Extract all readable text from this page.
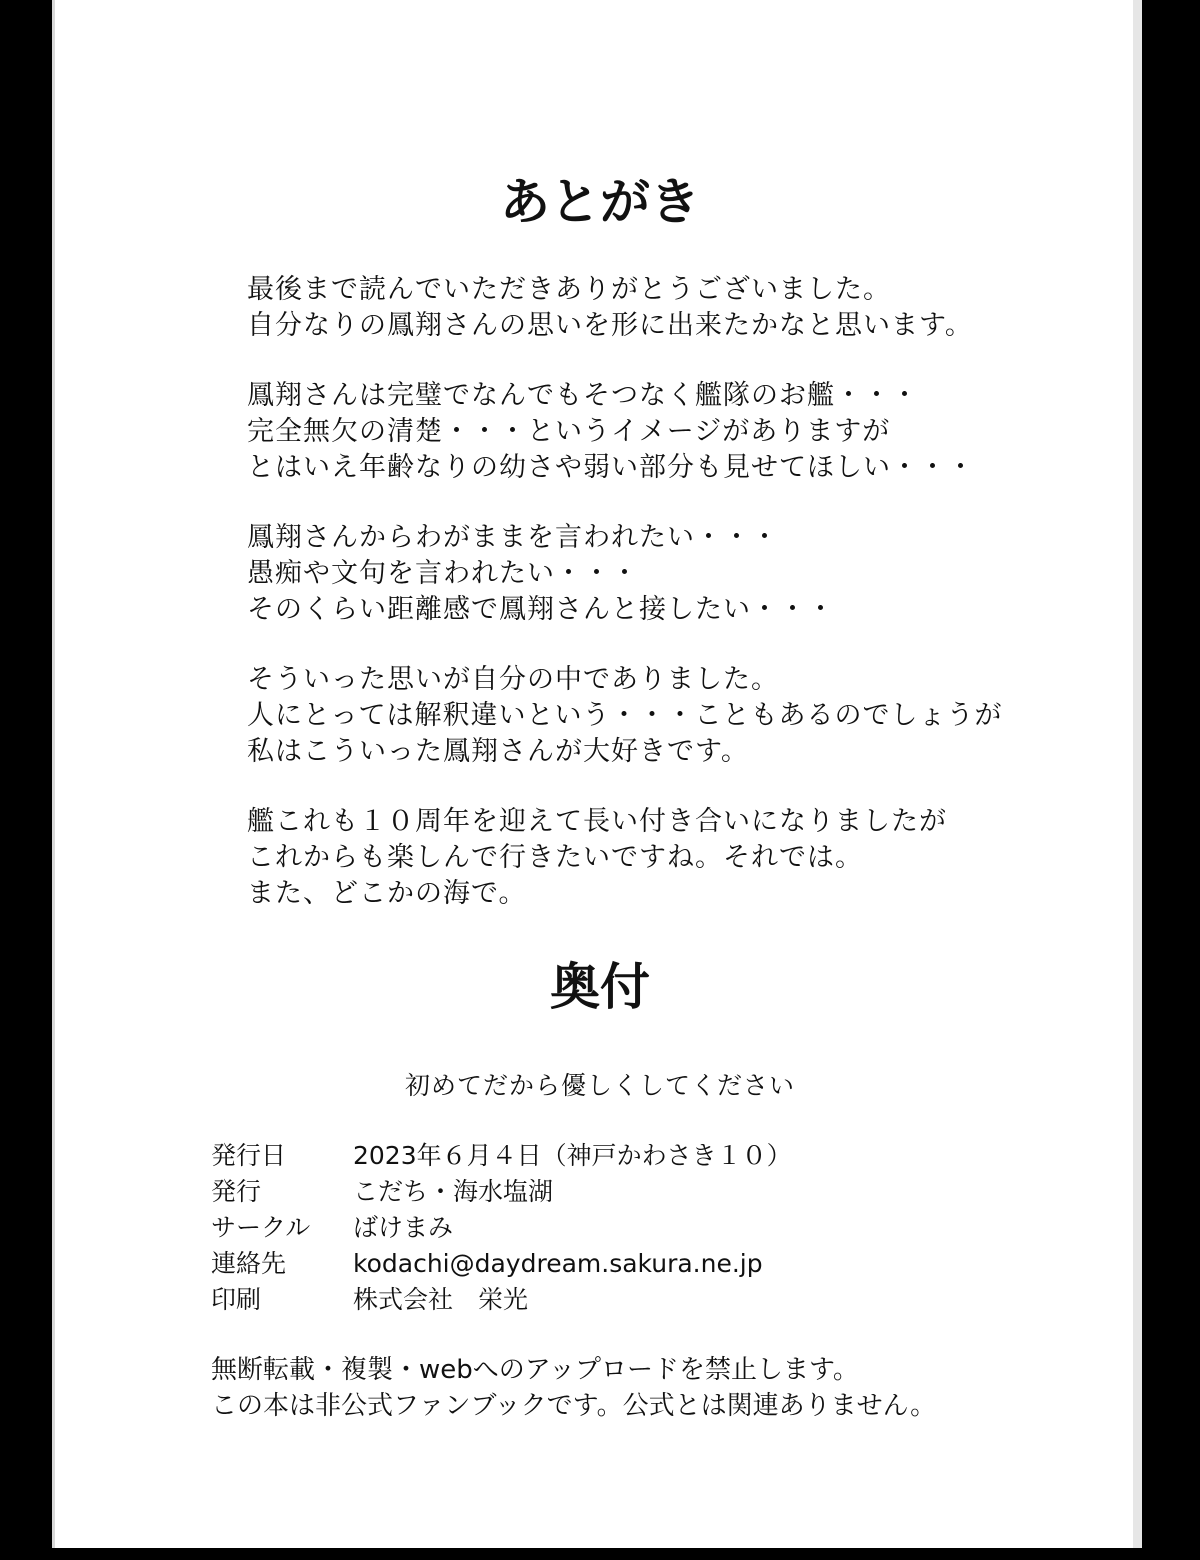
あとがき

最後まで読んでいただきありがとうございました。
自分なりの鳳翔さんの思いを形に出来たかなと思います。

鳳翔さんは完璧でなんでもそつなく艦隊のお艦・・・
完全無欠の清楚・・・というイメージがありますが
とはいえ年齢なりの幼さや弱い部分も見せてほしい・・・

鳳翔さんからわがままを言われたい・・・
愚痴や文句を言われたい・・・
そのくらい距離感で鳳翔さんと接したい・・・

そういった思いが自分の中でありました。
人にとっては解釈違いという・・・こともあるのでしょうが
私はこういった鳳翔さんが大好きです。

艦これも１０周年を迎えて長い付き合いになりましたが
これからも楽しんで行きたいですね。それでは。
また、どこかの海で。

奥付
初めてだから優しくしてください
発行日	2023年６月４日（神戸かわさき１０）
発行	こだち・海水塩湖
サークル	ばけまみ
連絡先	kodachi@daydream.sakura.ne.jp
印刷	株式会社　栄光
無断転載・複製・webへのアップロードを禁止します。
この本は非公式ファンブックです。公式とは関連ありません。
